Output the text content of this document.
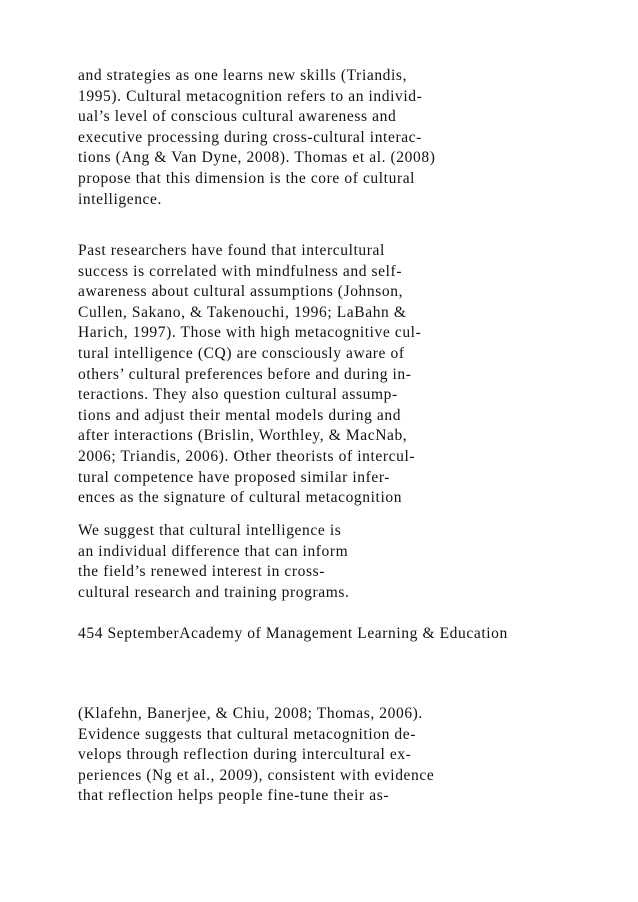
and strategies as one learns new skills (Triandis,
1995). Cultural metacognition refers to an individ-
ual’s level of conscious cultural awareness and
executive processing during cross-cultural interac-
tions (Ang & Van Dyne, 2008). Thomas et al. (2008)
propose that this dimension is the core of cultural
intelligence.
Past researchers have found that intercultural
success is correlated with mindfulness and self-
awareness about cultural assumptions (Johnson,
Cullen, Sakano, & Takenouchi, 1996; LaBahn &
Harich, 1997). Those with high metacognitive cul-
tural intelligence (CQ) are consciously aware of
others’ cultural preferences before and during in-
teractions. They also question cultural assump-
tions and adjust their mental models during and
after interactions (Brislin, Worthley, & MacNab,
2006; Triandis, 2006). Other theorists of intercul-
tural competence have proposed similar infer-
ences as the signature of cultural metacognition
We suggest that cultural intelligence is
an individual difference that can inform
the field’s renewed interest in cross-
cultural research and training programs.
454 SeptemberAcademy of Management Learning & Education
(Klafehn, Banerjee, & Chiu, 2008; Thomas, 2006).
Evidence suggests that cultural metacognition de-
velops through reflection during intercultural ex-
periences (Ng et al., 2009), consistent with evidence
that reflection helps people fine-tune their as-
